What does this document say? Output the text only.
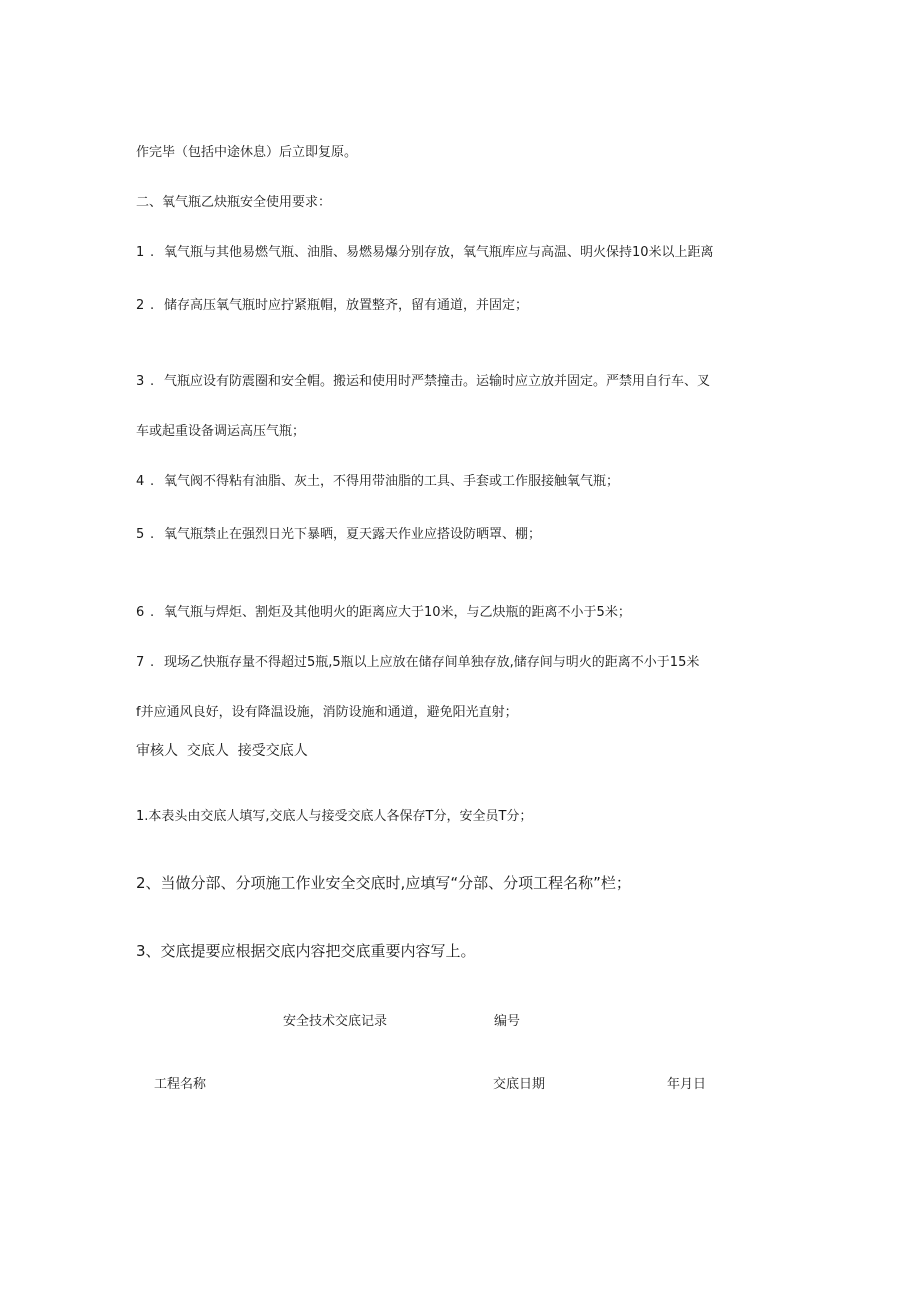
作完毕（包括中途休息）后立即复原。
二、氧气瓶乙炔瓶安全使用要求：
1 . 氧气瓶与其他易燃气瓶、油脂、易燃易爆分别存放，氧气瓶库应与高温、明火保持10米以上距离
2 . 储存高压氧气瓶时应拧紧瓶帽，放置整齐，留有通道，并固定；
3 . 气瓶应设有防震圈和安全帽。搬运和使用时严禁撞击。运输时应立放并固定。严禁用自行车、叉
车或起重设备调运高压气瓶；
4 . 氧气阀不得粘有油脂、灰土，不得用带油脂的工具、手套或工作服接触氧气瓶；
5 . 氧气瓶禁止在强烈日光下暴晒，夏天露天作业应搭设防晒罩、棚；
6 . 氧气瓶与焊炬、割炬及其他明火的距离应大于10米，与乙炔瓶的距离不小于5米；
7 . 现场乙快瓶存量不得超过5瓶,5瓶以上应放在储存间单独存放,储存间与明火的距离不小于15米
f并应通风良好，设有降温设施，消防设施和通道，避免阳光直射；
审核人  交底人  接受交底人
1.本表头由交底人填写,交底人与接受交底人各保存T分，安全员T分；
2、当做分部、分项施工作业安全交底时,应填写“分部、分项工程名称”栏；
3、交底提要应根据交底内容把交底重要内容写上。
安全技术交底记录	编号
工程名称	交底日期	年月日
